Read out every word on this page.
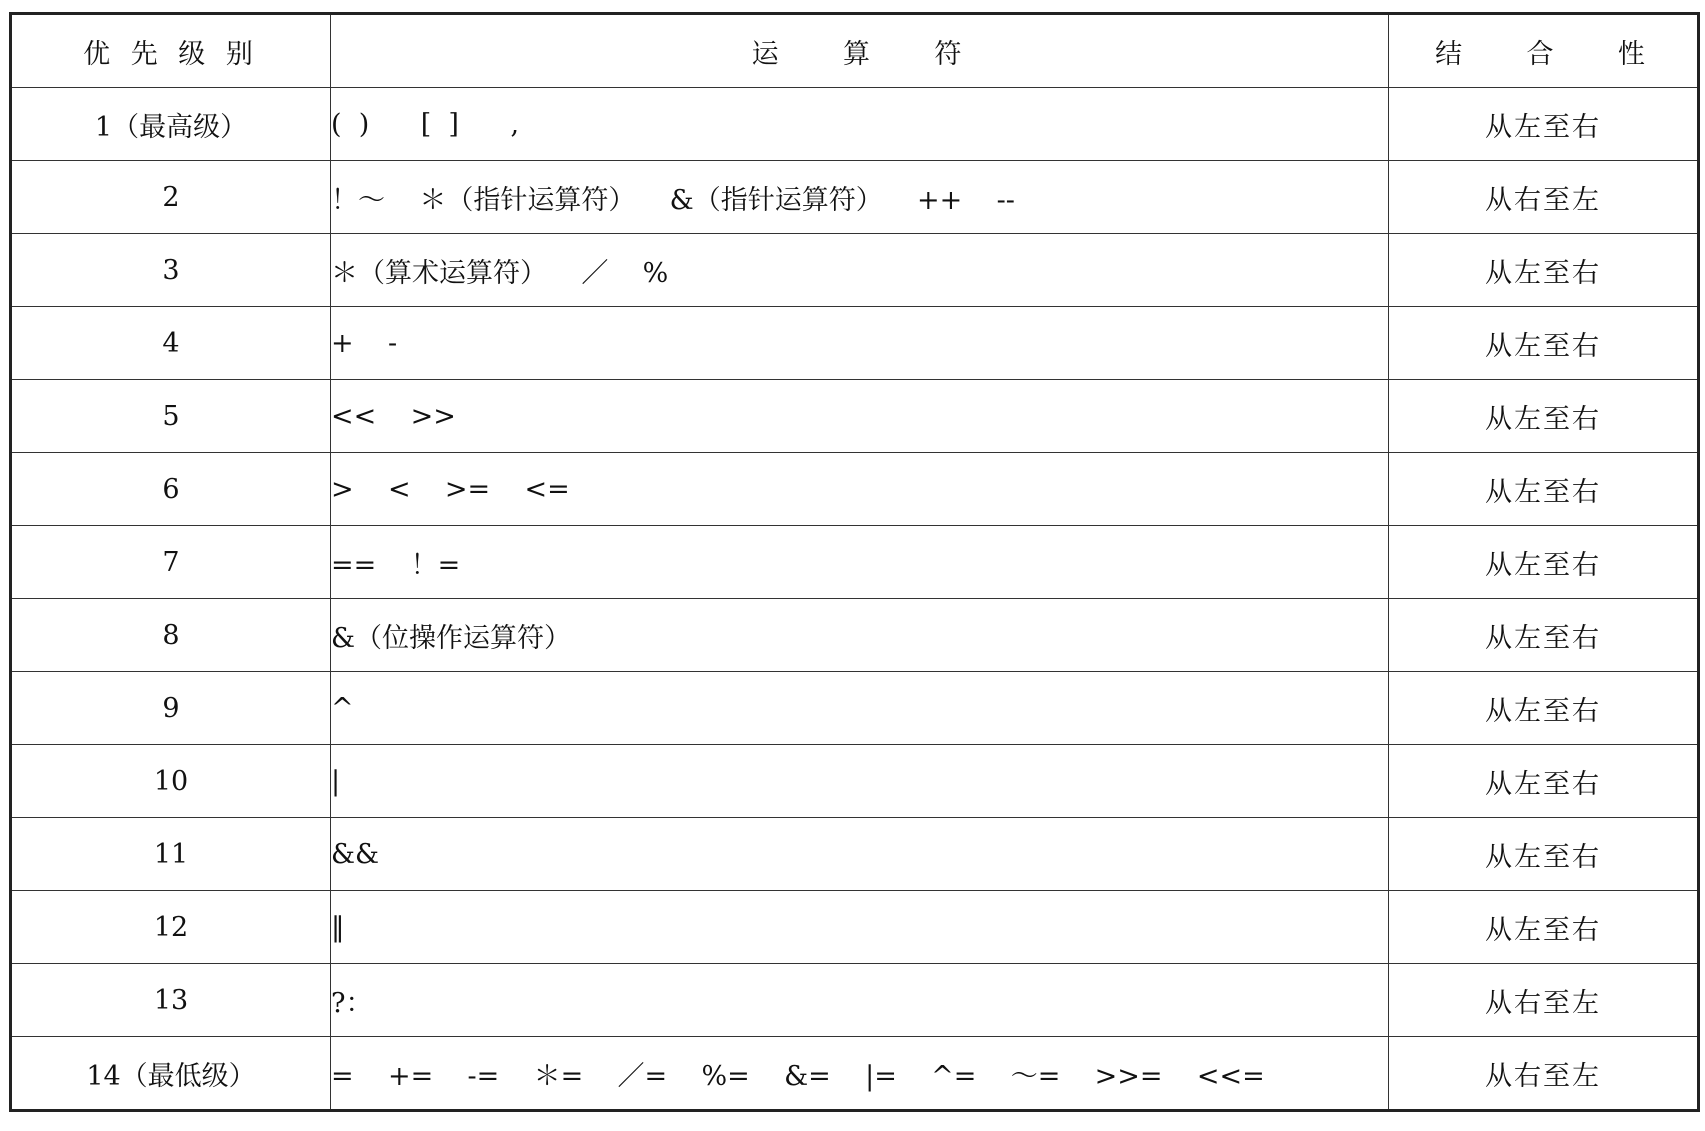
优 先 级 别	运    算    符	结    合    性
1（最高级）	(  )      [  ]      ,	从左至右
2	！～    ＊（指针运算符）    &（指针运算符）    ++    --	从右至左
3	＊（算术运算符）    ／    %	从左至右
4	+    -	从左至右
5	<<    >>	从左至右
6	>    <    >=    <=	从左至右
7	==    ！=	从左至右
8	&（位操作运算符）	从左至右
9	^	从左至右
10	|	从左至右
11	&&	从左至右
12	‖	从左至右
13	?：	从右至左
14（最低级）	=    +=    -=    ＊=    ／=    %=    &=    |=    ^=    ～=    >>=    <<=	从右至左
